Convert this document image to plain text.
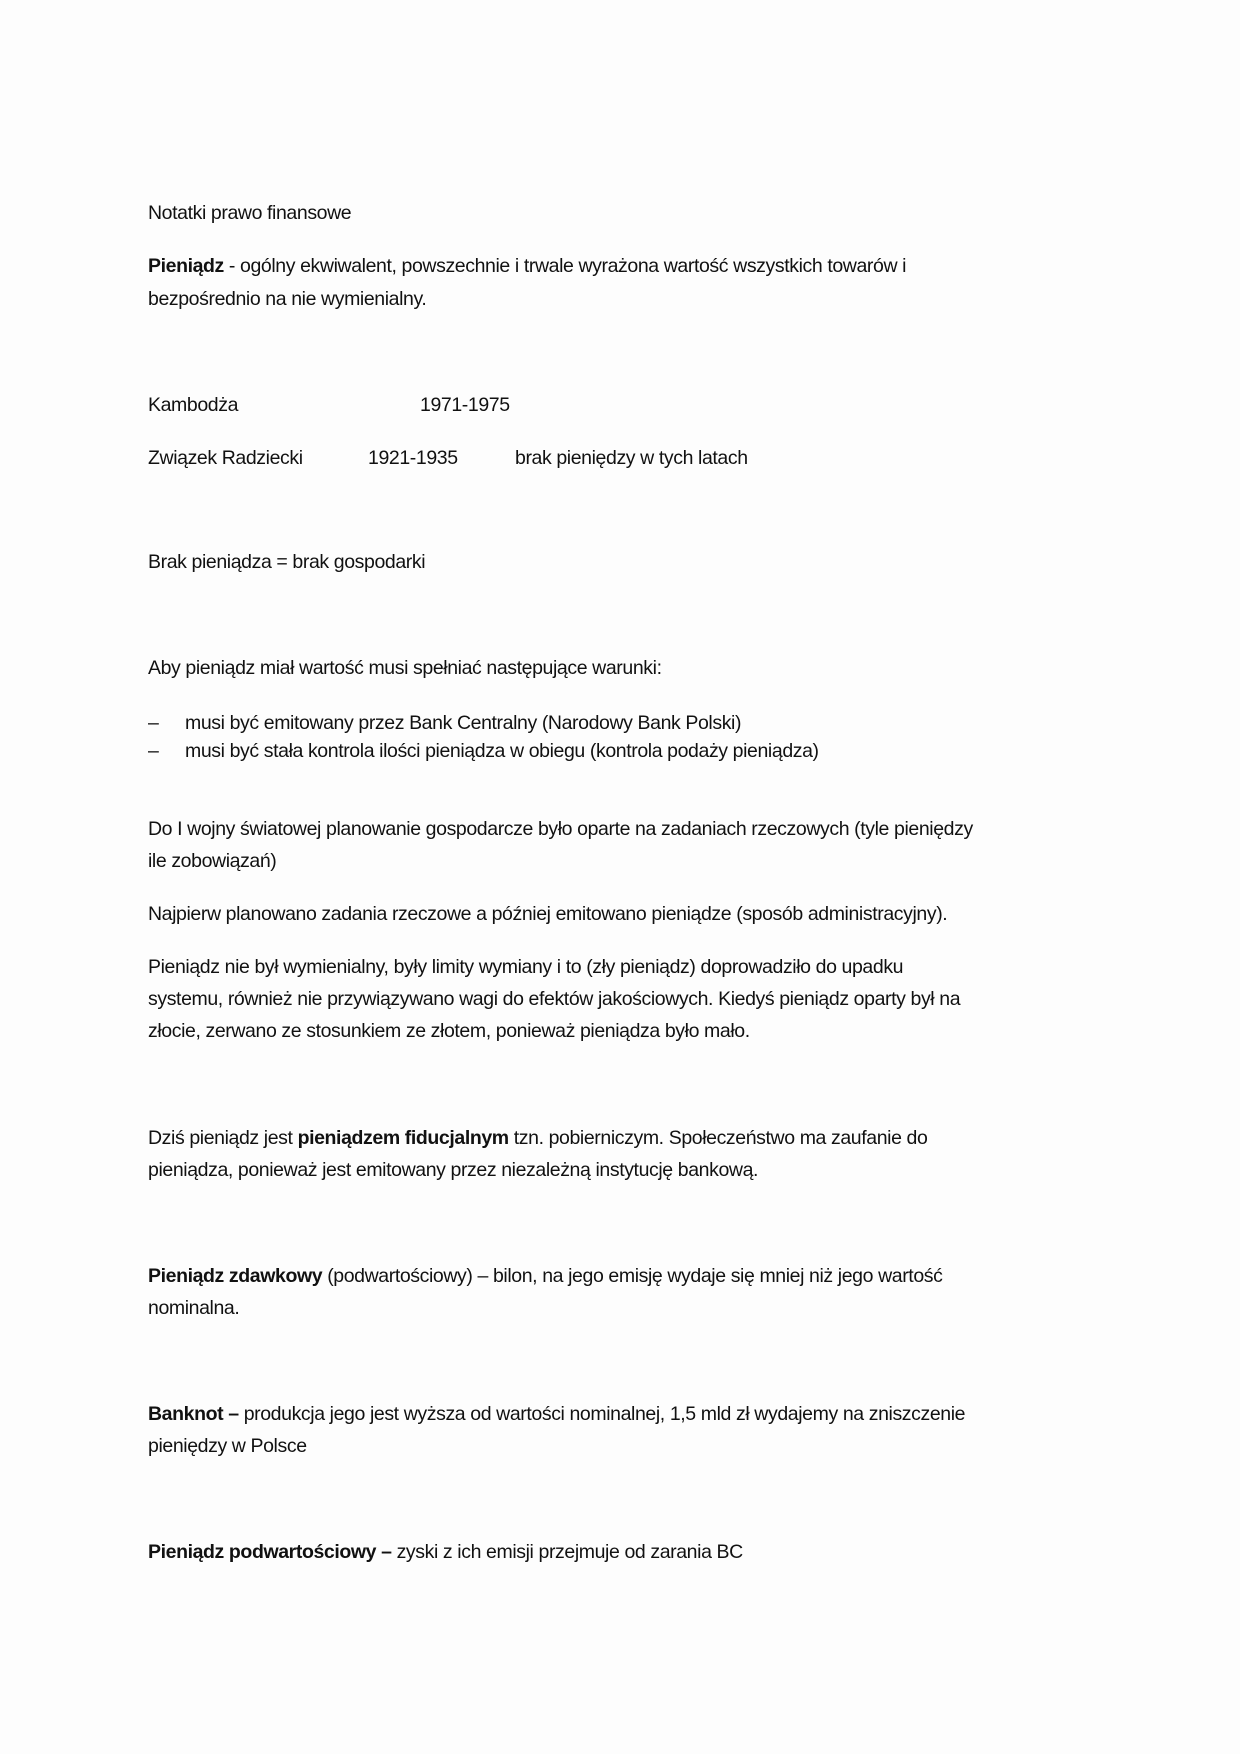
Notatki prawo finansowe
Pieniądz - ogólny ekwiwalent, powszechnie i trwale wyrażona wartość wszystkich towarów i
bezpośrednio na nie wymienialny.
Kambodża	1971-1975
Związek Radziecki	1921-1935	brak pieniędzy w tych latach
Brak pieniądza = brak gospodarki
Aby pieniądz miał wartość musi spełniać następujące warunki:
– musi być emitowany przez Bank Centralny (Narodowy Bank Polski)
– musi być stała kontrola ilości pieniądza w obiegu (kontrola podaży pieniądza)
Do I wojny światowej planowanie gospodarcze było oparte na zadaniach rzeczowych (tyle pieniędzy
ile zobowiązań)
Najpierw planowano zadania rzeczowe a później emitowano pieniądze (sposób administracyjny).
Pieniądz nie był wymienialny, były limity wymiany i to (zły pieniądz) doprowadziło do upadku
systemu, również nie przywiązywano wagi do efektów jakościowych. Kiedyś pieniądz oparty był na
złocie, zerwano ze stosunkiem ze złotem, ponieważ pieniądza było mało.
Dziś pieniądz jest pieniądzem fiducjalnym tzn. pobierniczym. Społeczeństwo ma zaufanie do
pieniądza, ponieważ jest emitowany przez niezależną instytucję bankową.
Pieniądz zdawkowy (podwartościowy) – bilon, na jego emisję wydaje się mniej niż jego wartość
nominalna.
Banknot – produkcja jego jest wyższa od wartości nominalnej, 1,5 mld zł wydajemy na zniszczenie
pieniędzy w Polsce
Pieniądz podwartościowy – zyski z ich emisji przejmuje od zarania BC
